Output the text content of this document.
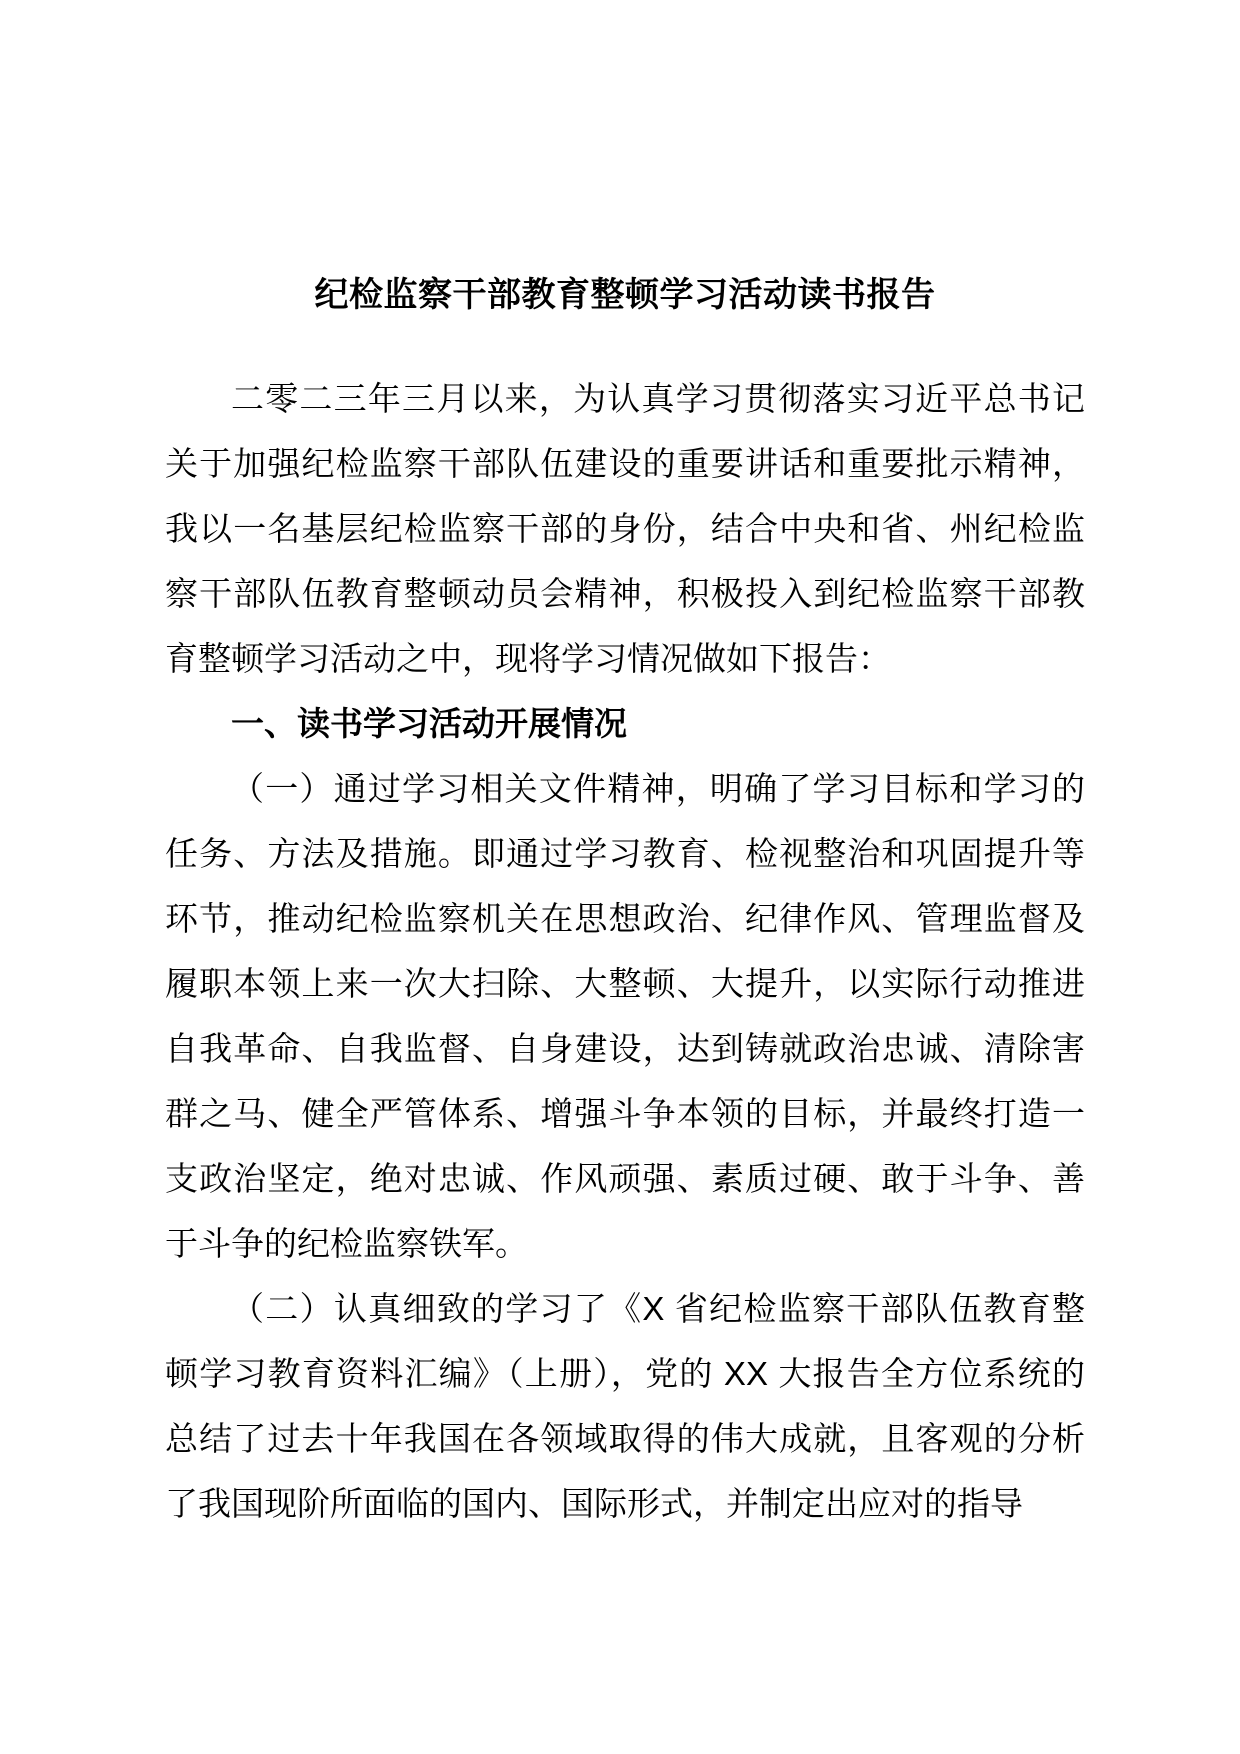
纪检监察干部教育整顿学习活动读书报告

二零二三年三月以来，为认真学习贯彻落实习近平总书记关于加强纪检监察干部队伍建设的重要讲话和重要批示精神，我以一名基层纪检监察干部的身份，结合中央和省、州纪检监察干部队伍教育整顿动员会精神，积极投入到纪检监察干部教育整顿学习活动之中，现将学习情况做如下报告：

一、读书学习活动开展情况

（一）通过学习相关文件精神，明确了学习目标和学习的任务、方法及措施。即通过学习教育、检视整治和巩固提升等环节，推动纪检监察机关在思想政治、纪律作风、管理监督及履职本领上来一次大扫除、大整顿、大提升，以实际行动推进自我革命、自我监督、自身建设，达到铸就政治忠诚、清除害群之马、健全严管体系、增强斗争本领的目标，并最终打造一支政治坚定，绝对忠诚、作风顽强、素质过硬、敢于斗争、善于斗争的纪检监察铁军。

（二）认真细致的学习了《X 省纪检监察干部队伍教育整顿学习教育资料汇编》（上册），党的 XX 大报告全方位系统的总结了过去十年我国在各领域取得的伟大成就，且客观的分析了我国现阶所面临的国内、国际形式，并制定出应对的指导
